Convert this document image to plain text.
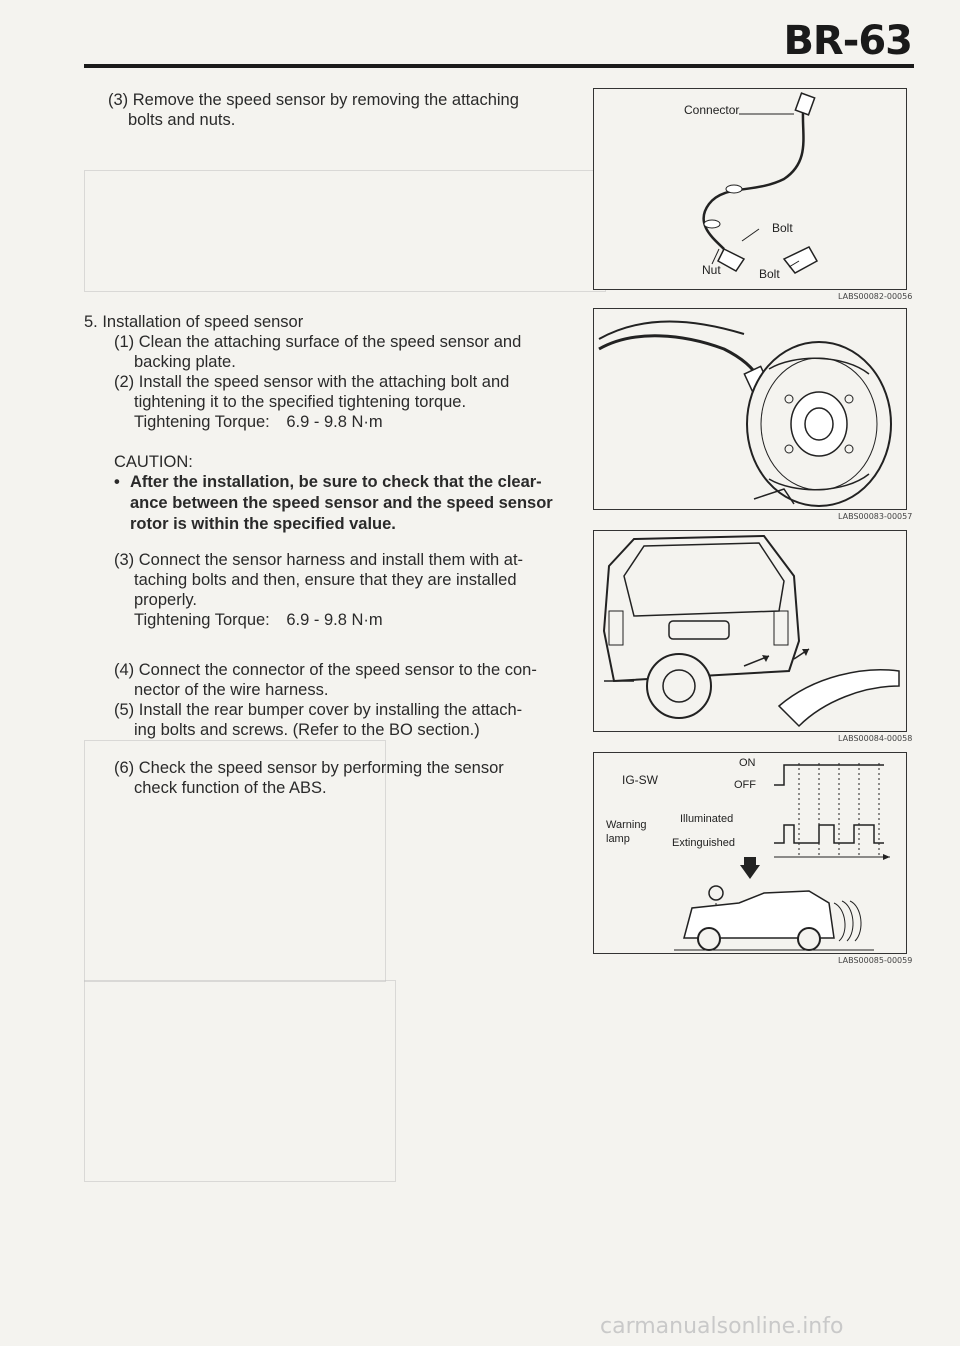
BR-63
(3) Remove the speed sensor by removing the attaching
bolts and nuts.
5. Installation of speed sensor
(1) Clean the attaching surface of the speed sensor and
backing plate.
(2) Install the speed sensor with the attaching bolt and
tightening it to the specified tightening torque.
Tightening Torque: 6.9 - 9.8 N·m
CAUTION:
• After the installation, be sure to check that the clear-
ance between the speed sensor and the speed sensor
rotor is within the specified value.
(3) Connect the sensor harness and install them with at-
taching bolts and then, ensure that they are installed
properly.
Tightening Torque: 6.9 - 9.8 N·m
(4) Connect the connector of the speed sensor to the con-
nector of the wire harness.
(5) Install the rear bumper cover by installing the attach-
ing bolts and screws. (Refer to the BO section.)
(6) Check the speed sensor by performing the sensor
check function of the ABS.
Connector
Bolt
Nut	Bolt
LABS00082-00056
LABS00083-00057
LABS00084-00058
IG-SW
ON
OFF
Warning
lamp
Illuminated
Extinguished
LABS00085-00059
carmanualsonline.info
